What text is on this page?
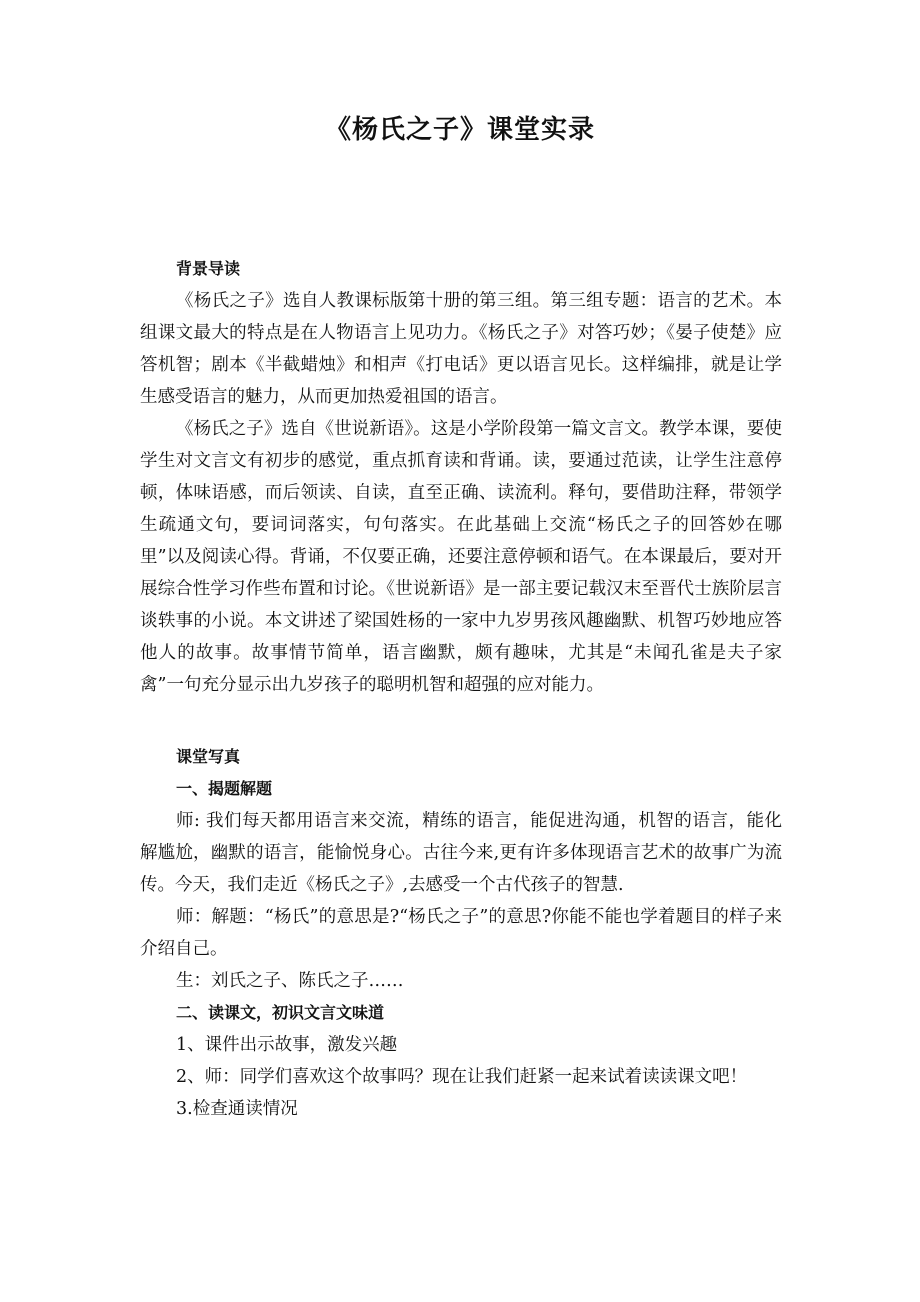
《杨氏之子》课堂实录

背景导读

《杨氏之子》选自人教课标版第十册的第三组。第三组专题：语言的艺术。本组课文最大的特点是在人物语言上见功力。《杨氏之子》对答巧妙；《晏子使楚》应答机智；剧本《半截蜡烛》和相声《打电话》更以语言见长。这样编排，就是让学生感受语言的魅力，从而更加热爱祖国的语言。

《杨氏之子》选自《世说新语》。这是小学阶段第一篇文言文。教学本课，要使学生对文言文有初步的感觉，重点抓育读和背诵。读，要通过范读，让学生注意停顿，体味语感，而后领读、自读，直至正确、读流利。释句，要借助注释，带领学生疏通文句，要词词落实，句句落实。在此基础上交流“杨氏之子的回答妙在哪里”以及阅读心得。背诵，不仅要正确，还要注意停顿和语气。在本课最后，要对开展综合性学习作些布置和讨论。《世说新语》是一部主要记载汉末至晋代士族阶层言谈轶事的小说。本文讲述了梁国姓杨的一家中九岁男孩风趣幽默、机智巧妙地应答他人的故事。故事情节简单，语言幽默，颇有趣味，尤其是“未闻孔雀是夫子家禽”一句充分显示出九岁孩子的聪明机智和超强的应对能力。

课堂写真

一、揭题解题

师: 我们每天都用语言来交流，精练的语言，能促进沟通，机智的语言，能化解尴尬，幽默的语言，能愉悦身心。古往今来,更有许多体现语言艺术的故事广为流传。今天，我们走近《杨氏之子》,去感受一个古代孩子的智慧.

师：解题：“杨氏”的意思是?“杨氏之子”的意思?你能不能也学着题目的样子来介绍自己。

生：刘氏之子、陈氏之子……

二、读课文，初识文言文味道

1、课件出示故事，激发兴趣

2、师：同学们喜欢这个故事吗？现在让我们赶紧一起来试着读读课文吧！

3.检查通读情况
